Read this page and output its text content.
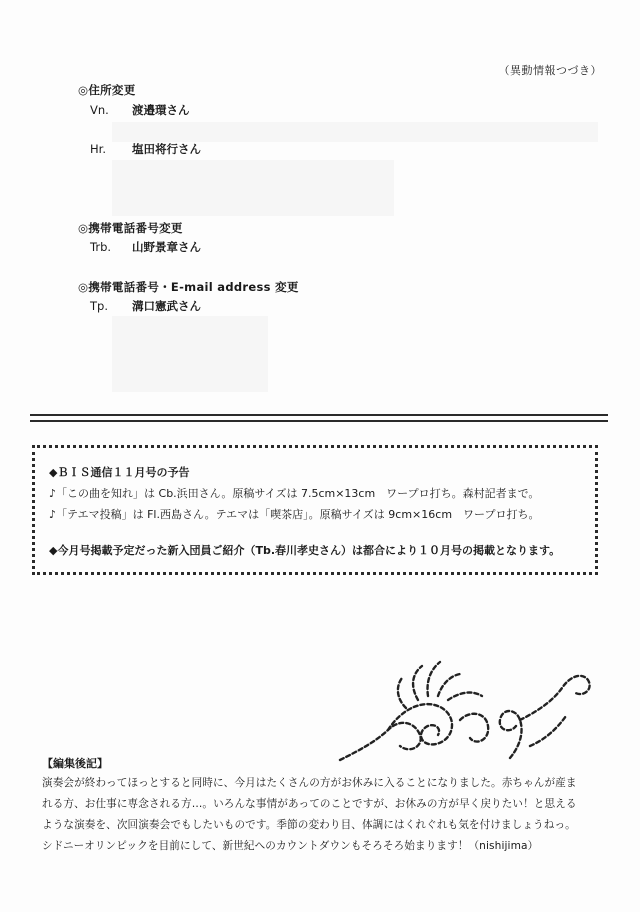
（異動情報つづき）
◎住所変更
Vn. 渡邉環さん
Hr. 塩田将行さん
◎携帯電話番号変更
Trb. 山野景章さん
◎携帯電話番号・E-mail address 変更
Tp. 溝口憲武さん
◆ＢＩＳ通信１１月号の予告
♪「この曲を知れ」は Cb.浜田さん。原稿サイズは 7.5cm×13cm　ワープロ打ち。森村記者まで。
♪「テエマ投稿」は Fl.西島さん。テエマは「喫茶店」。原稿サイズは 9cm×16cm　ワープロ打ち。
◆今月号掲載予定だった新入団員ご紹介（Tb.春川孝史さん）は都合により１０月号の掲載となります。
【編集後記】
演奏会が終わってほっとすると同時に、今月はたくさんの方がお休みに入ることになりました。赤ちゃんが産ま
れる方、お仕事に専念される方…。いろんな事情があってのことですが、お休みの方が早く戻りたい！と思える
ような演奏を、次回演奏会でもしたいものです。季節の変わり目、体調にはくれぐれも気を付けましょうねっ。
シドニーオリンピックを目前にして、新世紀へのカウントダウンもそろそろ始まります！（nishijima）
